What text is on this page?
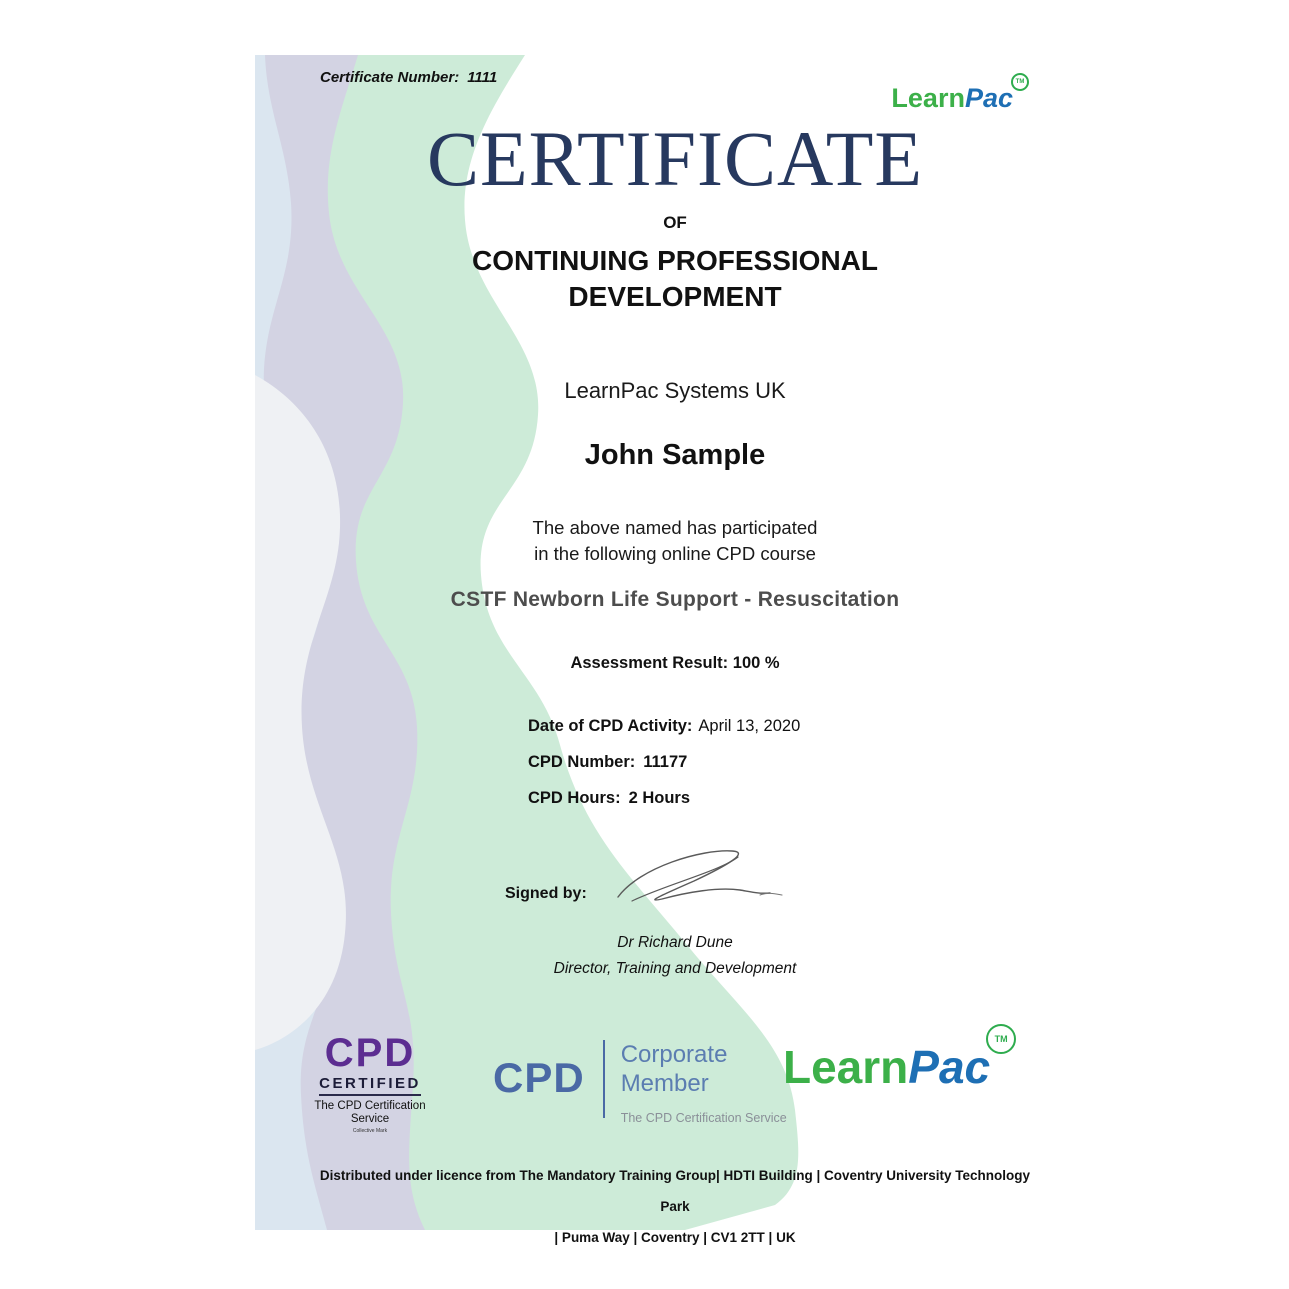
Certificate Number: 1111
LearnPac
TM
CERTIFICATE
OF
CONTINUING PROFESSIONAL
DEVELOPMENT
LearnPac Systems UK
John Sample
The above named has participated
in the following online CPD course
CSTF Newborn Life Support - Resuscitation
Assessment Result: 100 %
Date of CPD Activity: April 13, 2020
CPD Number: 11177
CPD Hours: 2 Hours
Signed by:
Dr Richard Dune
Director, Training and Development
Distributed under licence from The Mandatory Training Group| HDTI Building | Coventry University Technology Park
| Puma Way | Coventry | CV1 2TT | UK
CPD
CERTIFIED
The CPD Certification
Service
Collective Mark
CPD Corporate
Member
The CPD Certification Service
LearnPac
TM
